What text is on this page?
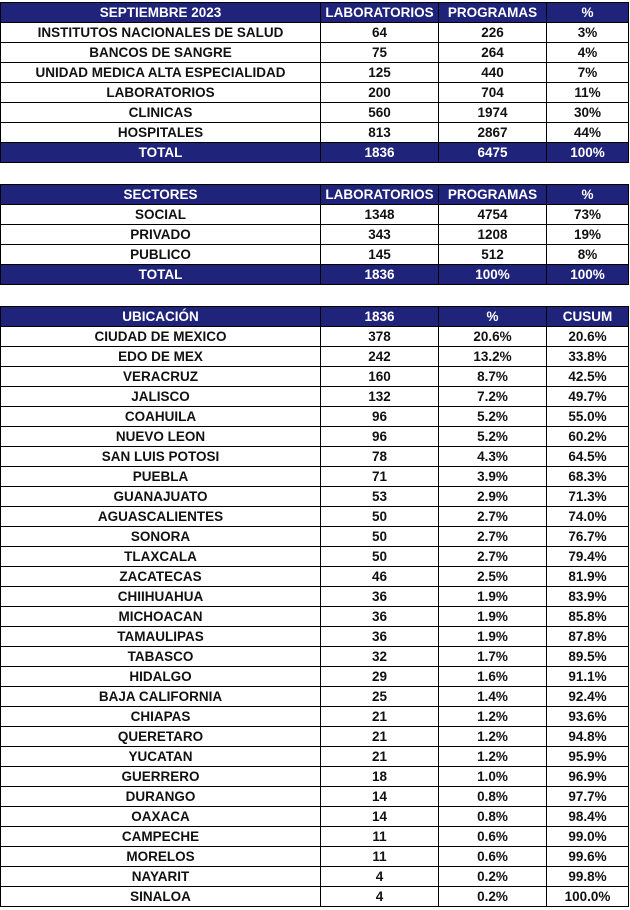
SEPTIEMBRE 2023	LABORATORIOS	PROGRAMAS	%
INSTITUTOS NACIONALES DE SALUD	64	226	3%
BANCOS DE SANGRE	75	264	4%
UNIDAD MEDICA ALTA ESPECIALIDAD	125	440	7%
LABORATORIOS	200	704	11%
CLINICAS	560	1974	30%
HOSPITALES	813	2867	44%
TOTAL	1836	6475	100%
SECTORES	LABORATORIOS	PROGRAMAS	%
SOCIAL	1348	4754	73%
PRIVADO	343	1208	19%
PUBLICO	145	512	8%
TOTAL	1836	100%	100%
UBICACIÓN	1836	%	CUSUM
CIUDAD DE MEXICO	378	20.6%	20.6%
EDO DE MEX	242	13.2%	33.8%
VERACRUZ	160	8.7%	42.5%
JALISCO	132	7.2%	49.7%
COAHUILA	96	5.2%	55.0%
NUEVO LEON	96	5.2%	60.2%
SAN LUIS POTOSI	78	4.3%	64.5%
PUEBLA	71	3.9%	68.3%
GUANAJUATO	53	2.9%	71.3%
AGUASCALIENTES	50	2.7%	74.0%
SONORA	50	2.7%	76.7%
TLAXCALA	50	2.7%	79.4%
ZACATECAS	46	2.5%	81.9%
CHIIHUAHUA	36	1.9%	83.9%
MICHOACAN	36	1.9%	85.8%
TAMAULIPAS	36	1.9%	87.8%
TABASCO	32	1.7%	89.5%
HIDALGO	29	1.6%	91.1%
BAJA CALIFORNIA	25	1.4%	92.4%
CHIAPAS	21	1.2%	93.6%
QUERETARO	21	1.2%	94.8%
YUCATAN	21	1.2%	95.9%
GUERRERO	18	1.0%	96.9%
DURANGO	14	0.8%	97.7%
OAXACA	14	0.8%	98.4%
CAMPECHE	11	0.6%	99.0%
MORELOS	11	0.6%	99.6%
NAYARIT	4	0.2%	99.8%
SINALOA	4	0.2%	100.0%
